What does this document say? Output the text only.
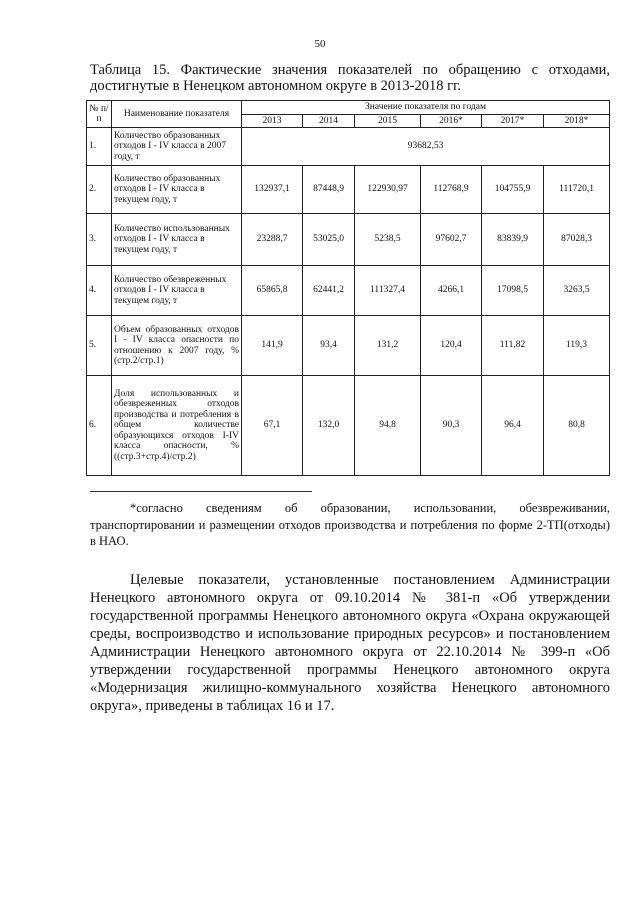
50
Таблица 15. Фактические значения показателей по обращению с отходами, достигнутые в Ненецком автономном округе в 2013-2018 гг.
№ п/п	Наименование показателя	Значение показателя по годам					
		2013	2014	2015	2016*	2017*	2018*
1.	Количество образованных отходов I - IV класса в 2007 году, т	93682,53					
2.	Количество образованных отходов I - IV класса в текущем году, т	132937,1	87448,9	122930,97	112768,9	104755,9	111720,1
3.	Количество использованных отходов I - IV класса в текущем году, т	23288,7	53025,0	5238,5	97602,7	83839,9	87028,3
4.	Количество обезвреженных отходов I - IV класса в текущем году, т	65865,8	62441,2	111327,4	4266,1	17098,5	3263,5
5.	Объем образованных отходов I - IV класса опасности по отношению к 2007 году, % (стр.2/стр.1)	141,9	93,4	131,2	120,4	111,82	119,3
6.	Доля использованных и обезвреженных отходов производства и потребления в общем количестве образующихся отходов I-IV класса опасности, % ((стр.3+стр.4)/стр.2)	67,1	132,0	94,8	90,3	96,4	80,8
*согласно сведениям об образовании, использовании, обезвреживании,
транспортировании и размещении отходов производства и потребления по форме 2-ТП(отходы) в НАО.
Целевые показатели, установленные постановлением Администрации Ненецкого автономного округа от 09.10.2014 № 381-п «Об утверждении государственной программы Ненецкого автономного округа «Охрана окружающей среды, воспроизводство и использование природных ресурсов» и постановлением Администрации Ненецкого автономного округа от 22.10.2014 № 399-п «Об утверждении государственной программы Ненецкого автономного округа «Модернизация жилищно-коммунального хозяйства Ненецкого автономного округа», приведены в таблицах 16 и 17.
